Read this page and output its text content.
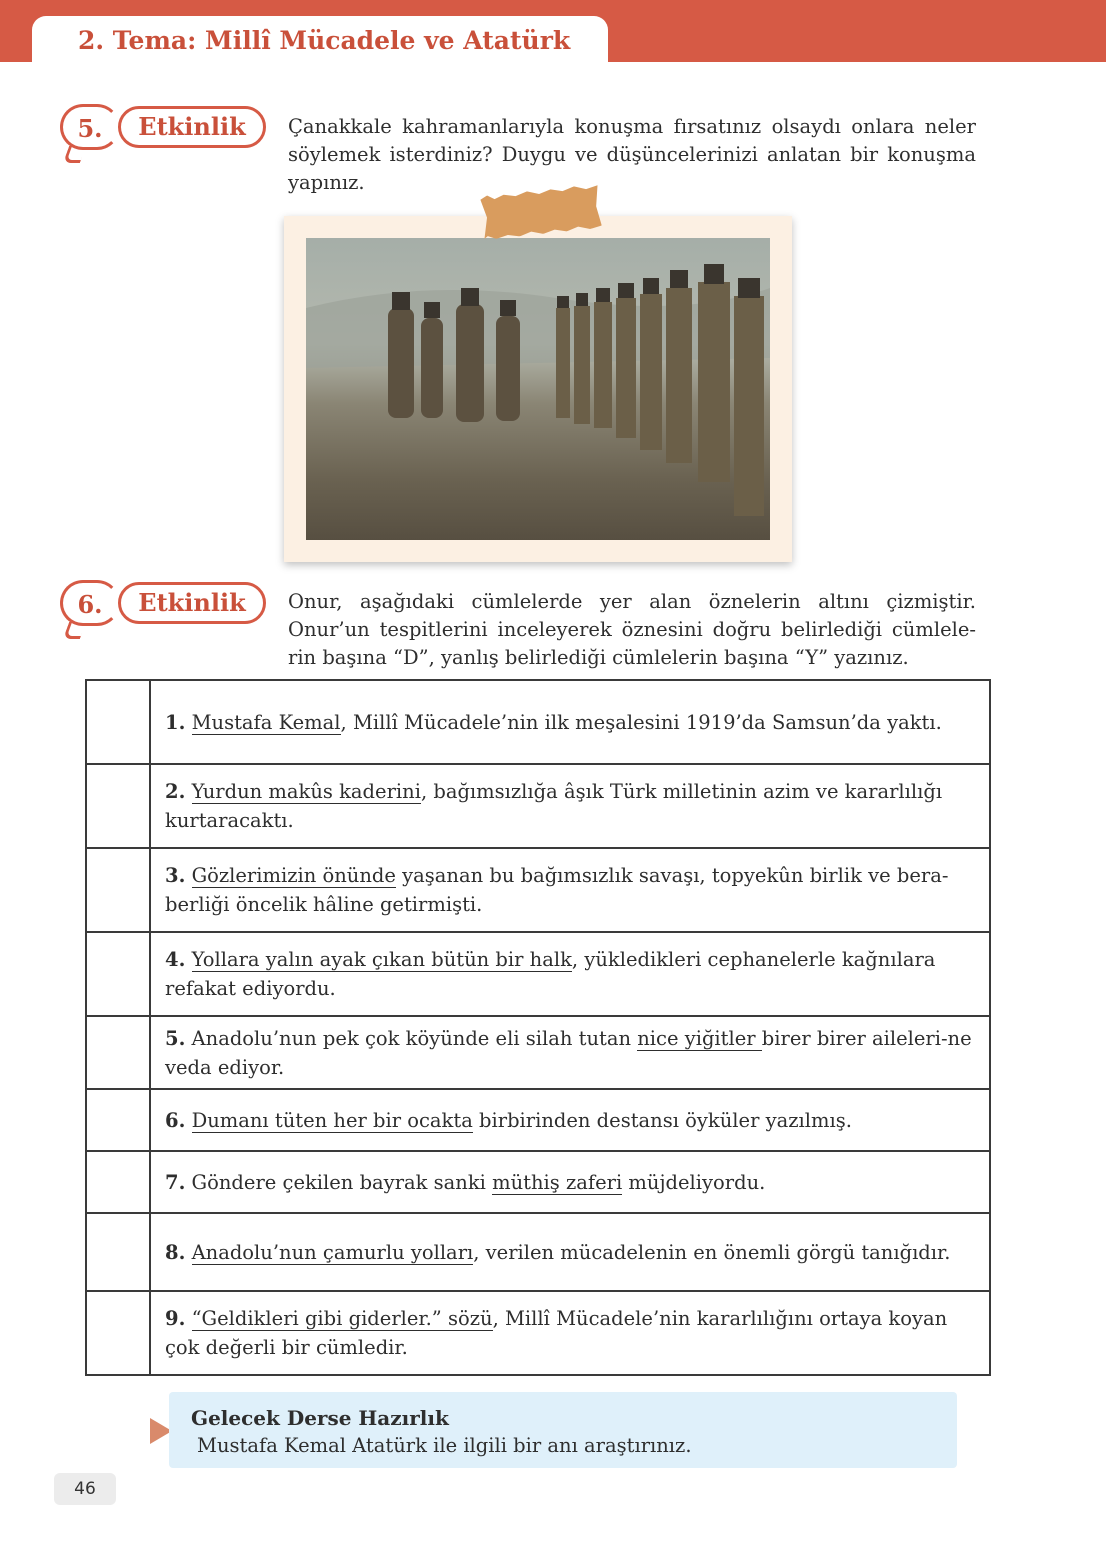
2. Tema: Millî Mücadele ve Atatürk
5.	Etkinlik	Çanakkale kahramanlarıyla konuşma fırsatınız olsaydı onlara neler söylemek isterdiniz? Duygu ve düşüncelerinizi anlatan bir konuşma yapınız.
6.	Etkinlik	Onur, aşağıdaki cümlelerde yer alan öznelerin altını çizmiştir. Onur’un tespitlerini inceleyerek öznesini doğru belirlediği cümlele-rin başına “D”, yanlış belirlediği cümlelerin başına “Y” yazınız.
	1. Mustafa Kemal, Millî Mücadele’nin ilk meşalesini 1919’da Samsun’da yaktı.
	2. Yurdun makûs kaderini, bağımsızlığa âşık Türk milletinin azim ve kararlılığı kurtaracaktı.
	3. Gözlerimizin önünde yaşanan bu bağımsızlık savaşı, topyekûn birlik ve bera-berliği öncelik hâline getirmişti.
	4. Yollara yalın ayak çıkan bütün bir halk, yükledikleri cephanelerle kağnılara refakat ediyordu.
	5. Anadolu’nun pek çok köyünde eli silah tutan nice yiğitler birer birer aileleri-ne veda ediyor.
	6. Dumanı tüten her bir ocakta birbirinden destansı öyküler yazılmış.
	7. Göndere çekilen bayrak sanki müthiş zaferi müjdeliyordu.
	8. Anadolu’nun çamurlu yolları, verilen mücadelenin en önemli görgü tanığıdır.
	9. “Geldikleri gibi giderler.” sözü, Millî Mücadele’nin kararlılığını ortaya koyan çok değerli bir cümledir.
Gelecek Derse Hazırlık
Mustafa Kemal Atatürk ile ilgili bir anı araştırınız.
46
